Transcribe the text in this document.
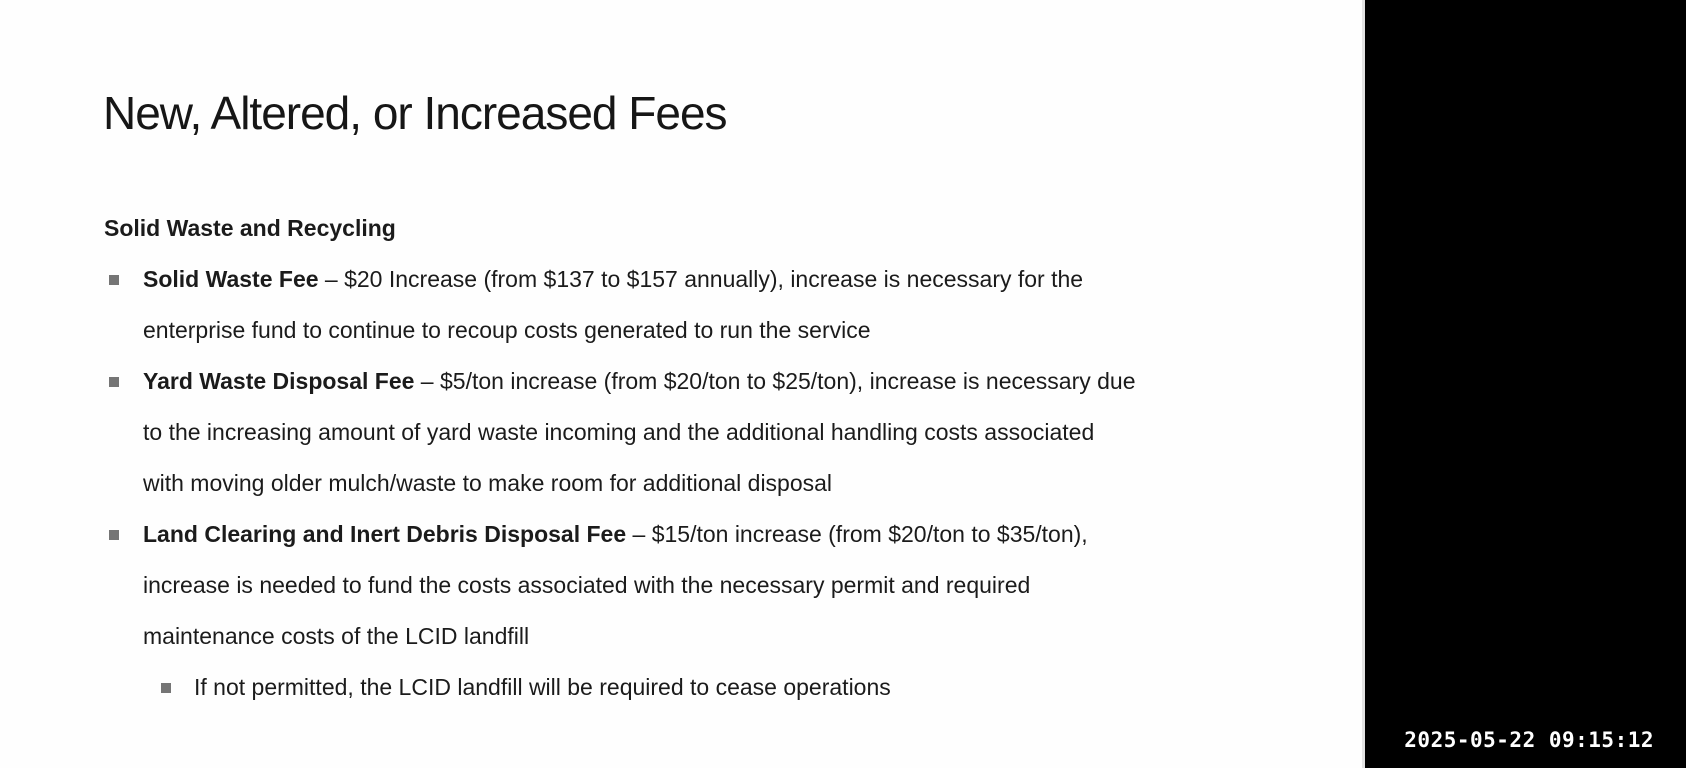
New, Altered, or Increased Fees
Solid Waste and Recycling
Solid Waste Fee – $20 Increase (from $137 to $157 annually), increase is necessary for the
enterprise fund to continue to recoup costs generated to run the service
Yard Waste Disposal Fee – $5/ton increase (from $20/ton to $25/ton), increase is necessary due
to the increasing amount of yard waste incoming and the additional handling costs associated
with moving older mulch/waste to make room for additional disposal
Land Clearing and Inert Debris Disposal Fee – $15/ton increase (from $20/ton to $35/ton),
increase is needed to fund the costs associated with the necessary permit and required
maintenance costs of the LCID landfill
If not permitted, the LCID landfill will be required to cease operations
2025-05-22 09:15:12
